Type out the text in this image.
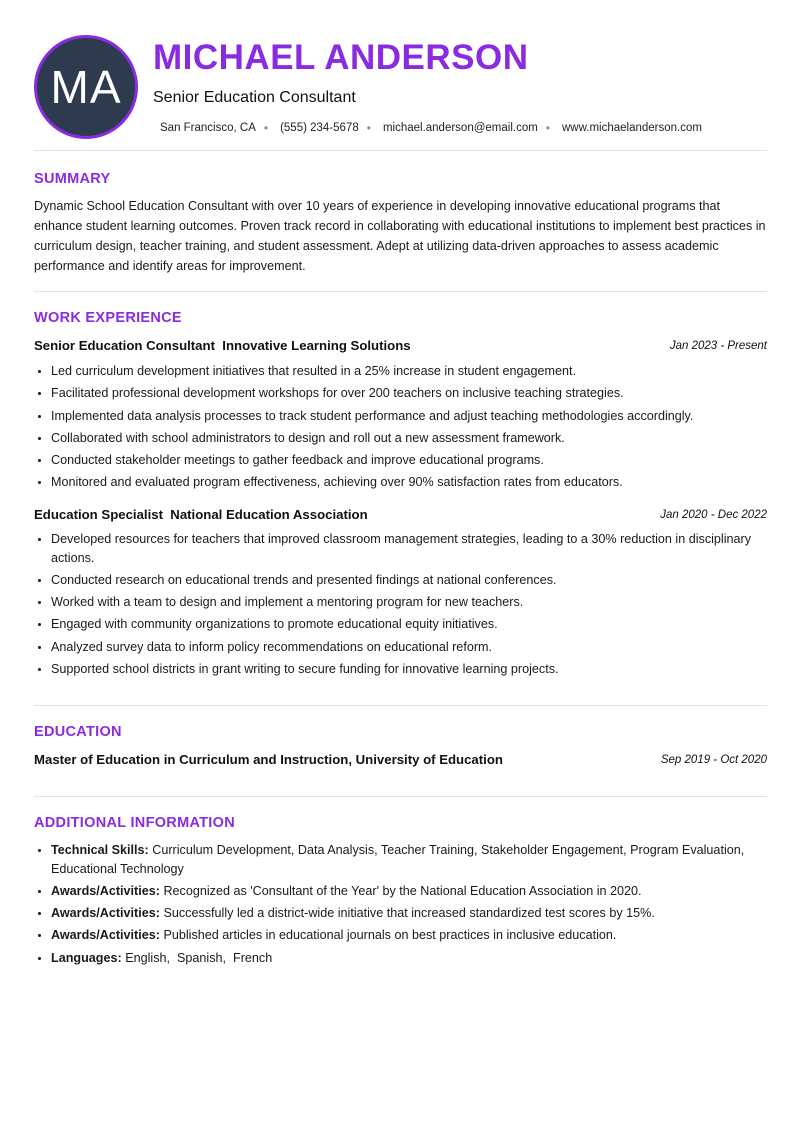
MA
MICHAEL ANDERSON
Senior Education Consultant
San Francisco, CA • (555) 234-5678 • michael.anderson@email.com • www.michaelanderson.com
SUMMARY
Dynamic School Education Consultant with over 10 years of experience in developing innovative educational programs that enhance student learning outcomes. Proven track record in collaborating with educational institutions to implement best practices in curriculum design, teacher training, and student assessment. Adept at utilizing data-driven approaches to assess academic performance and identify areas for improvement.
WORK EXPERIENCE
Senior Education Consultant  Innovative Learning Solutions	Jan 2023 - Present
• Led curriculum development initiatives that resulted in a 25% increase in student engagement.
• Facilitated professional development workshops for over 200 teachers on inclusive teaching strategies.
• Implemented data analysis processes to track student performance and adjust teaching methodologies accordingly.
• Collaborated with school administrators to design and roll out a new assessment framework.
• Conducted stakeholder meetings to gather feedback and improve educational programs.
• Monitored and evaluated program effectiveness, achieving over 90% satisfaction rates from educators.
Education Specialist  National Education Association	Jan 2020 - Dec 2022
• Developed resources for teachers that improved classroom management strategies, leading to a 30% reduction in disciplinary actions.
• Conducted research on educational trends and presented findings at national conferences.
• Worked with a team to design and implement a mentoring program for new teachers.
• Engaged with community organizations to promote educational equity initiatives.
• Analyzed survey data to inform policy recommendations on educational reform.
• Supported school districts in grant writing to secure funding for innovative learning projects.
EDUCATION
Master of Education in Curriculum and Instruction, University of Education	Sep 2019 - Oct 2020
ADDITIONAL INFORMATION
• Technical Skills: Curriculum Development, Data Analysis, Teacher Training, Stakeholder Engagement, Program Evaluation, Educational Technology
• Awards/Activities: Recognized as 'Consultant of the Year' by the National Education Association in 2020.
• Awards/Activities: Successfully led a district-wide initiative that increased standardized test scores by 15%.
• Awards/Activities: Published articles in educational journals on best practices in inclusive education.
• Languages: English,  Spanish,  French
